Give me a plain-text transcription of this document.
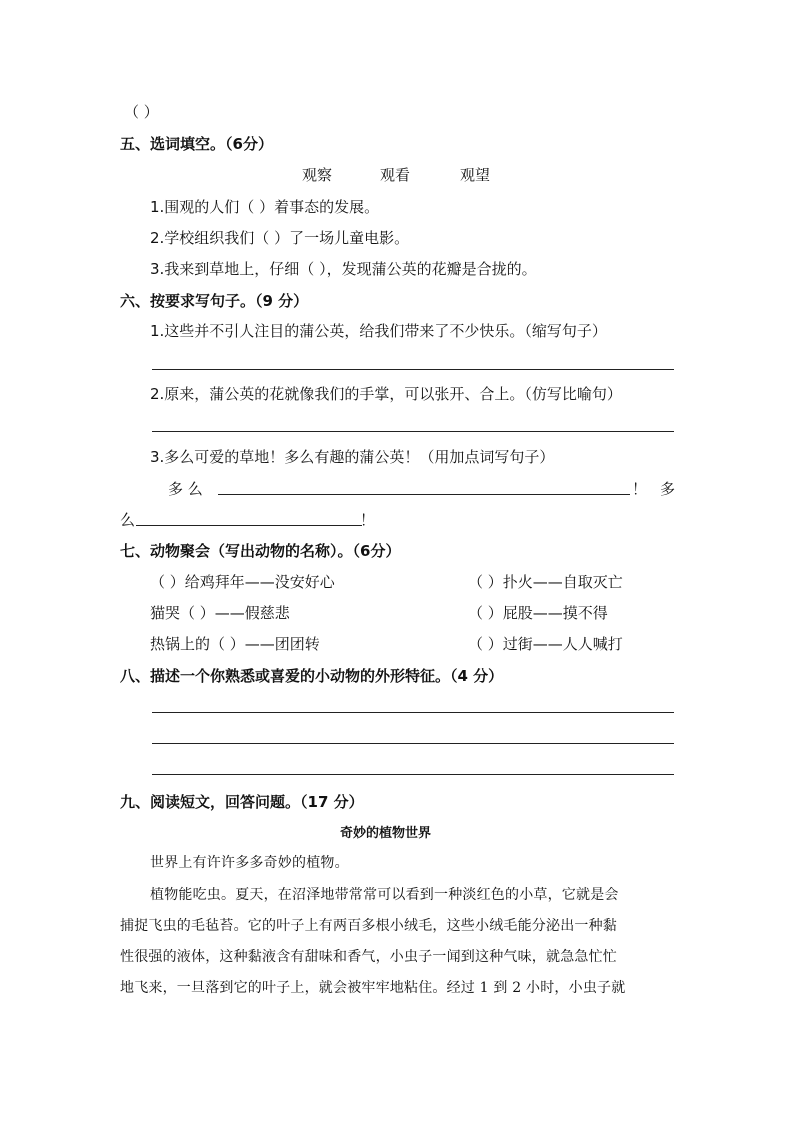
（ ）
五、选词填空。（6分）
观察	观看	观望
1.围观的人们（ ）着事态的发展。
2.学校组织我们（ ）了一场儿童电影。
3.我来到草地上，仔细（ ），发现蒲公英的花瓣是合拢的。
六、按要求写句子。（9 分）
1.这些并不引人注目的蒲公英，给我们带来了不少快乐。（缩写句子）
2.原来，蒲公英的花就像我们的手掌，可以张开、合上。（仿写比喻句）
3.多么可爱的草地！多么有趣的蒲公英！（用加点词写句子）
多 么	！ 多
么	！
七、动物聚会（写出动物的名称）。（6分）
（ ）给鸡拜年——没安好心	（ ）扑火——自取灭亡
猫哭（ ）——假慈悲	（ ）屁股——摸不得
热锅上的（ ）——团团转	（ ）过街——人人喊打
八、描述一个你熟悉或喜爱的小动物的外形特征。（4 分）
九、阅读短文，回答问题。（17 分）
奇妙的植物世界
世界上有许许多多奇妙的植物。
植物能吃虫。夏天，在沼泽地带常常可以看到一种淡红色的小草，它就是会
捕捉飞虫的毛毡苔。它的叶子上有两百多根小绒毛，这些小绒毛能分泌出一种黏
性很强的液体，这种黏液含有甜味和香气，小虫子一闻到这种气味，就急急忙忙
地飞来，一旦落到它的叶子上，就会被牢牢地粘住。经过 1 到 2 小时，小虫子就
